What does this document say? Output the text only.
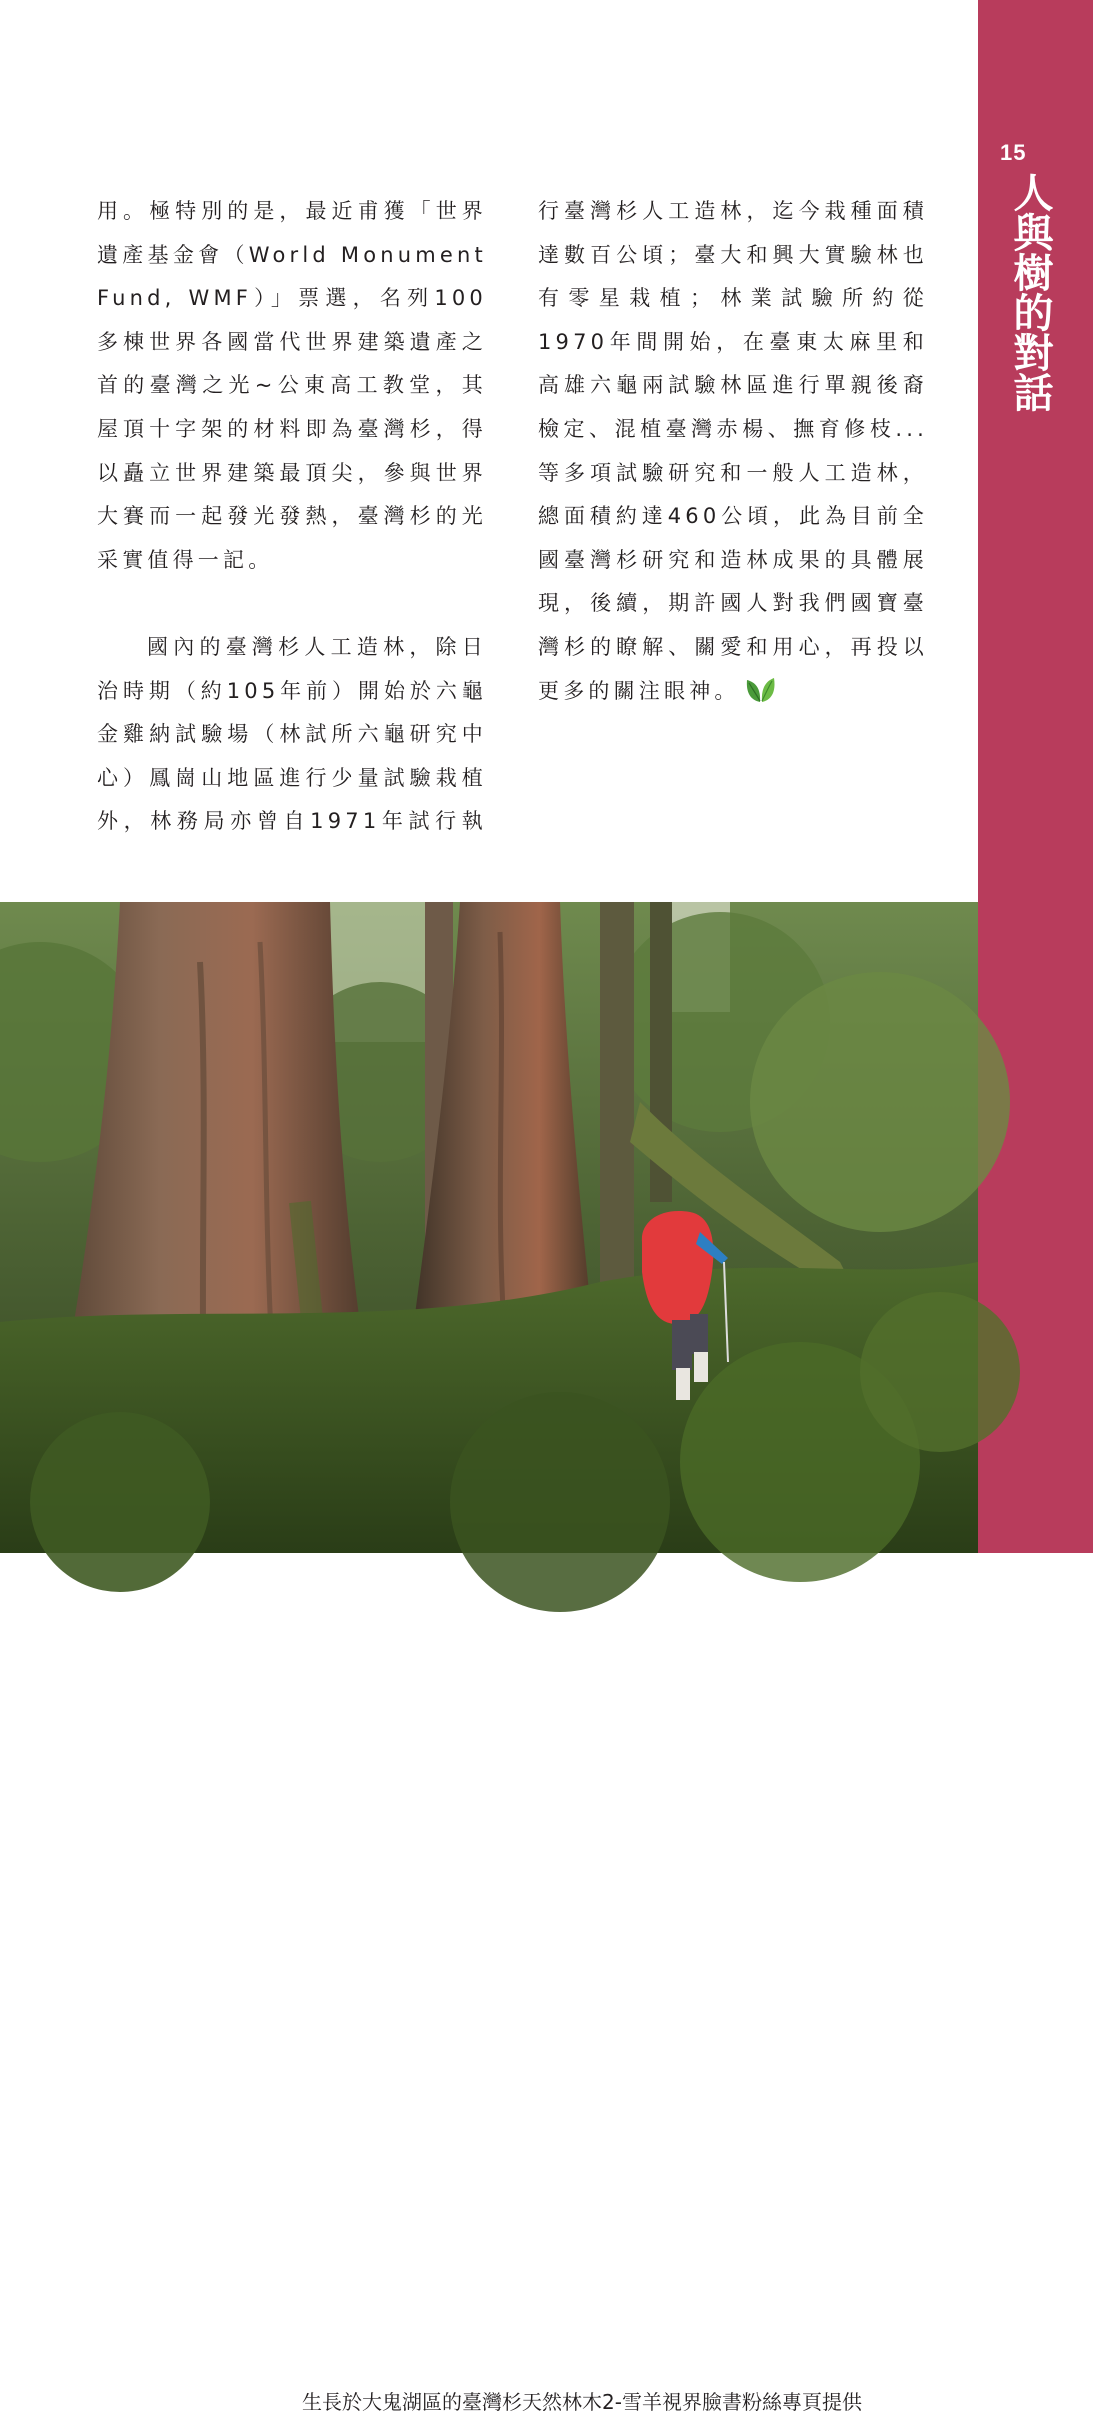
15
人與樹的對話
用。極特別的是，最近甫獲「世界
遺產基金會（World Monument
Fund, WMF）」票選，名列100
多棟世界各國當代世界建築遺產之
首的臺灣之光~公東高工教堂，其
屋頂十字架的材料即為臺灣杉，得
以矗立世界建築最頂尖，參與世界
大賽而一起發光發熱，臺灣杉的光
采實值得一記。
國內的臺灣杉人工造林，除日
治時期（約105年前）開始於六龜
金雞納試驗場（林試所六龜研究中
心）鳳崗山地區進行少量試驗栽植
外，林務局亦曾自1971年試行執
行臺灣杉人工造林，迄今栽種面積
達數百公頃；臺大和興大實驗林也
有零星栽植；林業試驗所約從
1970年間開始，在臺東太麻里和
高雄六龜兩試驗林區進行單親後裔
檢定、混植臺灣赤楊、撫育修枝...
等多項試驗研究和一般人工造林，
總面積約達460公頃，此為目前全
國臺灣杉研究和造林成果的具體展
現，後續，期許國人對我們國寶臺
灣杉的瞭解、關愛和用心，再投以
更多的關注眼神。
生長於大鬼湖區的臺灣杉天然林木2-雪羊視界臉書粉絲專頁提供
